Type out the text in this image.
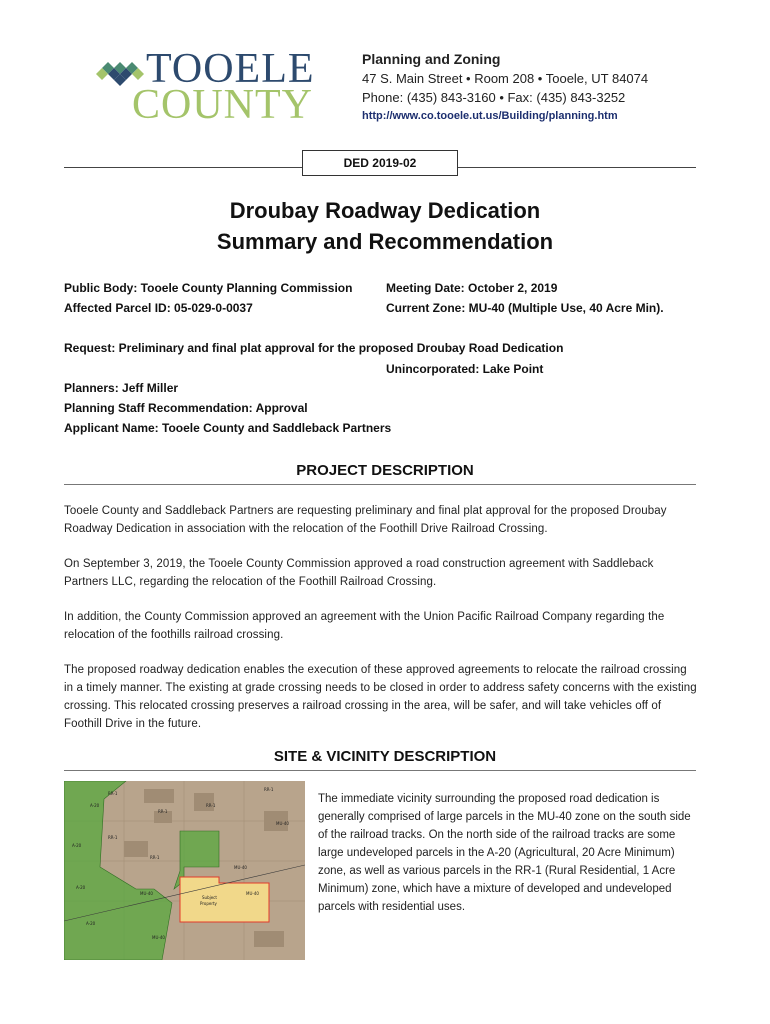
TOOELE
COUNTY
Planning and Zoning
47 S. Main Street • Room 208 • Tooele, UT 84074
Phone: (435) 843-3160 • Fax: (435) 843-3252
http://www.co.tooele.ut.us/Building/planning.htm
DED 2019-02
Droubay Roadway Dedication
Summary and Recommendation
Public Body: Tooele County Planning Commission	Meeting Date: October 2, 2019
Affected Parcel ID: 05-029-0-0037	Current Zone: MU-40 (Multiple Use, 40 Acre Min).
Request: Preliminary and final plat approval for the proposed Droubay Road Dedication
Unincorporated: Lake Point
Planners: Jeff Miller
Planning Staff Recommendation: Approval
Applicant Name: Tooele County and Saddleback Partners
PROJECT DESCRIPTION
Tooele County and Saddleback Partners are requesting preliminary and final plat approval for the proposed Droubay Roadway Dedication in association with the relocation of the Foothill Drive Railroad Crossing.
On September 3, 2019, the Tooele County Commission approved a road construction agreement with Saddleback Partners LLC, regarding the relocation of the Foothill Railroad Crossing.
In addition, the County Commission approved an agreement with the Union Pacific Railroad Company regarding the relocation of the foothills railroad crossing.
The proposed roadway dedication enables the execution of these approved agreements to relocate the railroad crossing in a timely manner. The existing at grade crossing needs to be closed in order to address safety concerns with the existing crossing. This relocated crossing preserves a railroad crossing in the area, will be safer, and will take vehicles off of Foothill Drive in the future.
SITE & VICINITY DESCRIPTION
RR-1
RR-1
RR-1
RR-1
RR-1
RR-1
A-20
A-20
A-20
A-20
MU-40
MU-40
MU-40
MU-40
MU-40
Subject
Property
The immediate vicinity surrounding the proposed road dedication is generally comprised of large parcels in the MU-40 zone on the south side of the railroad tracks. On the north side of the railroad tracks are some large undeveloped parcels in the A-20 (Agricultural, 20 Acre Minimum) zone, as well as various parcels in the RR-1 (Rural Residential, 1 Acre Minimum) zone, which have a mixture of developed and undeveloped parcels with residential uses.
